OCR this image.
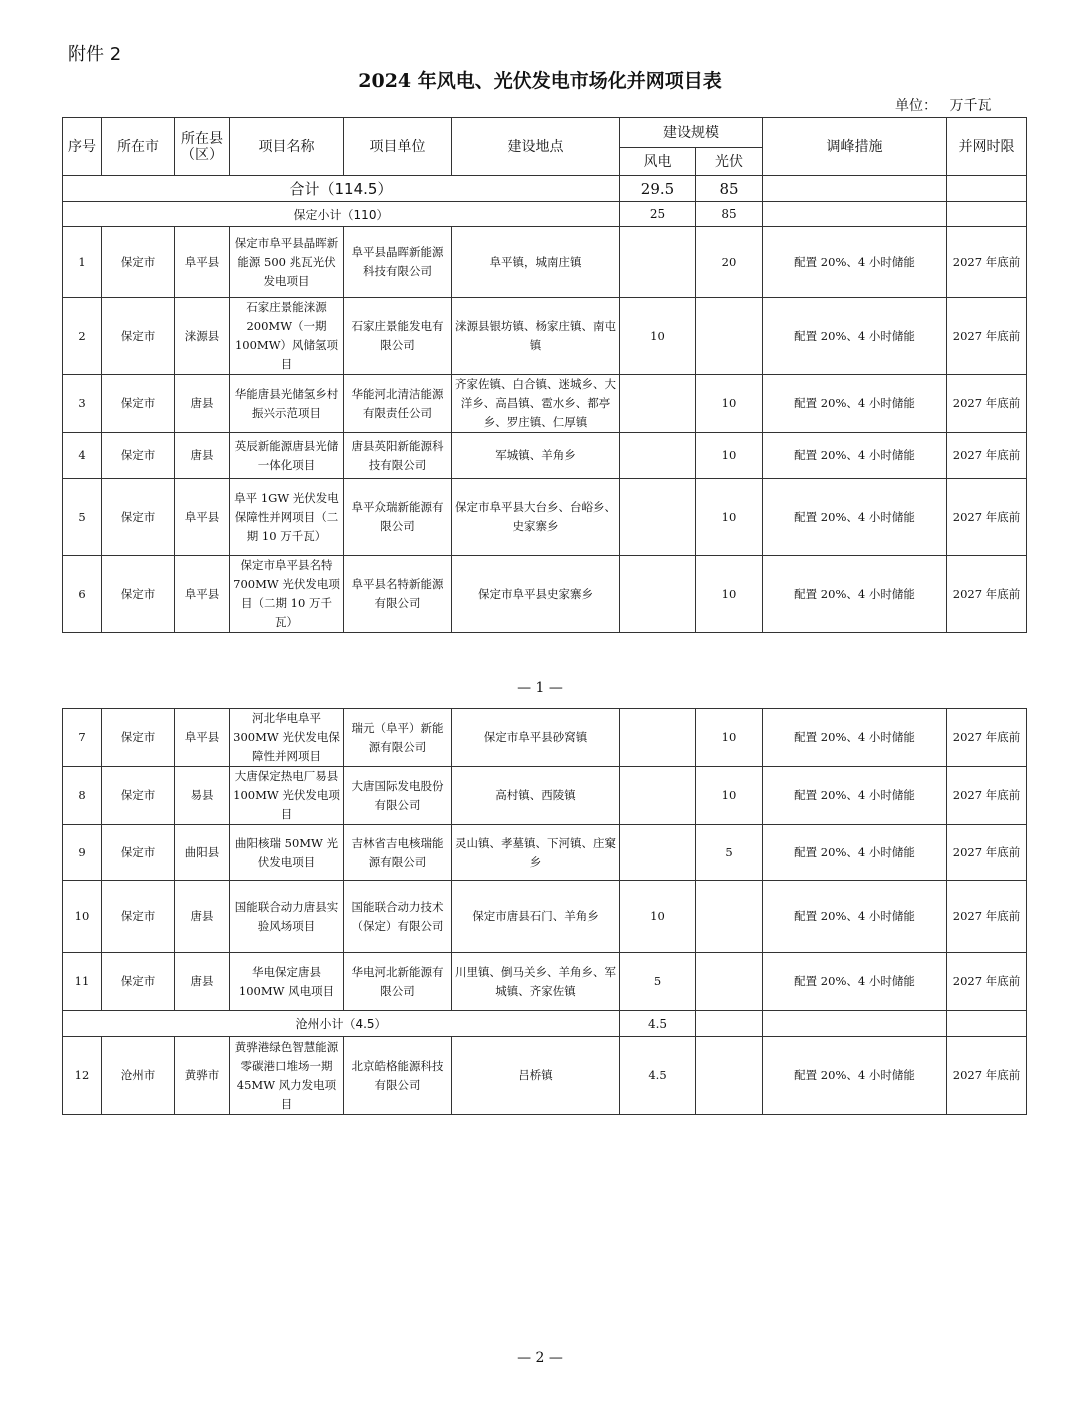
附件 2
2024 年风电、光伏发电市场化并网项目表
单位： 万千瓦
序号	所在市	所在县（区）	项目名称	项目单位	建设地点	建设规模		调峰措施	并网时限
						风电	光伏		
合计（114.5）						29.5	85		
保定小计（110）						25	85		
1	保定市	阜平县	保定市阜平县晶晖新能源 500 兆瓦光伏发电项目	阜平县晶晖新能源科技有限公司	阜平镇，城南庄镇		20	配置 20%、4 小时储能	2027 年底前
2	保定市	涞源县	石家庄景能涞源 200MW（一期 100MW）风储氢项目	石家庄景能发电有限公司	涞源县银坊镇、杨家庄镇、南屯镇	10		配置 20%、4 小时储能	2027 年底前
3	保定市	唐县	华能唐县光储氢乡村振兴示范项目	华能河北清洁能源有限责任公司	齐家佐镇、白合镇、迷城乡、大洋乡、高昌镇、雹水乡、都亭乡、罗庄镇、仁厚镇		10	配置 20%、4 小时储能	2027 年底前
4	保定市	唐县	英辰新能源唐县光储一体化项目	唐县英阳新能源科技有限公司	军城镇、羊角乡		10	配置 20%、4 小时储能	2027 年底前
5	保定市	阜平县	阜平 1GW 光伏发电保障性并网项目（二期 10 万千瓦）	阜平众瑞新能源有限公司	保定市阜平县大台乡、台峪乡、史家寨乡		10	配置 20%、4 小时储能	2027 年底前
6	保定市	阜平县	保定市阜平县名特 700MW 光伏发电项目（二期 10 万千瓦）	阜平县名特新能源有限公司	保定市阜平县史家寨乡		10	配置 20%、4 小时储能	2027 年底前
— 1 —
7	保定市	阜平县	河北华电阜平 300MW 光伏发电保障性并网项目	瑞元（阜平）新能源有限公司	保定市阜平县砂窝镇		10	配置 20%、4 小时储能	2027 年底前
8	保定市	易县	大唐保定热电厂易县 100MW 光伏发电项目	大唐国际发电股份有限公司	高村镇、西陵镇		10	配置 20%、4 小时储能	2027 年底前
9	保定市	曲阳县	曲阳核瑞 50MW 光伏发电项目	吉林省吉电核瑞能源有限公司	灵山镇、孝墓镇、下河镇、庄窠乡		5	配置 20%、4 小时储能	2027 年底前
10	保定市	唐县	国能联合动力唐县实验风场项目	国能联合动力技术（保定）有限公司	保定市唐县石门、羊角乡	10		配置 20%、4 小时储能	2027 年底前
11	保定市	唐县	华电保定唐县 100MW 风电项目	华电河北新能源有限公司	川里镇、倒马关乡、羊角乡、军城镇、齐家佐镇	5		配置 20%、4 小时储能	2027 年底前
沧州小计（4.5）						4.5			
12	沧州市	黄骅市	黄骅港绿色智慧能源零碳港口堆场一期 45MW 风力发电项目	北京皓格能源科技有限公司	吕桥镇	4.5		配置 20%、4 小时储能	2027 年底前
— 2 —
